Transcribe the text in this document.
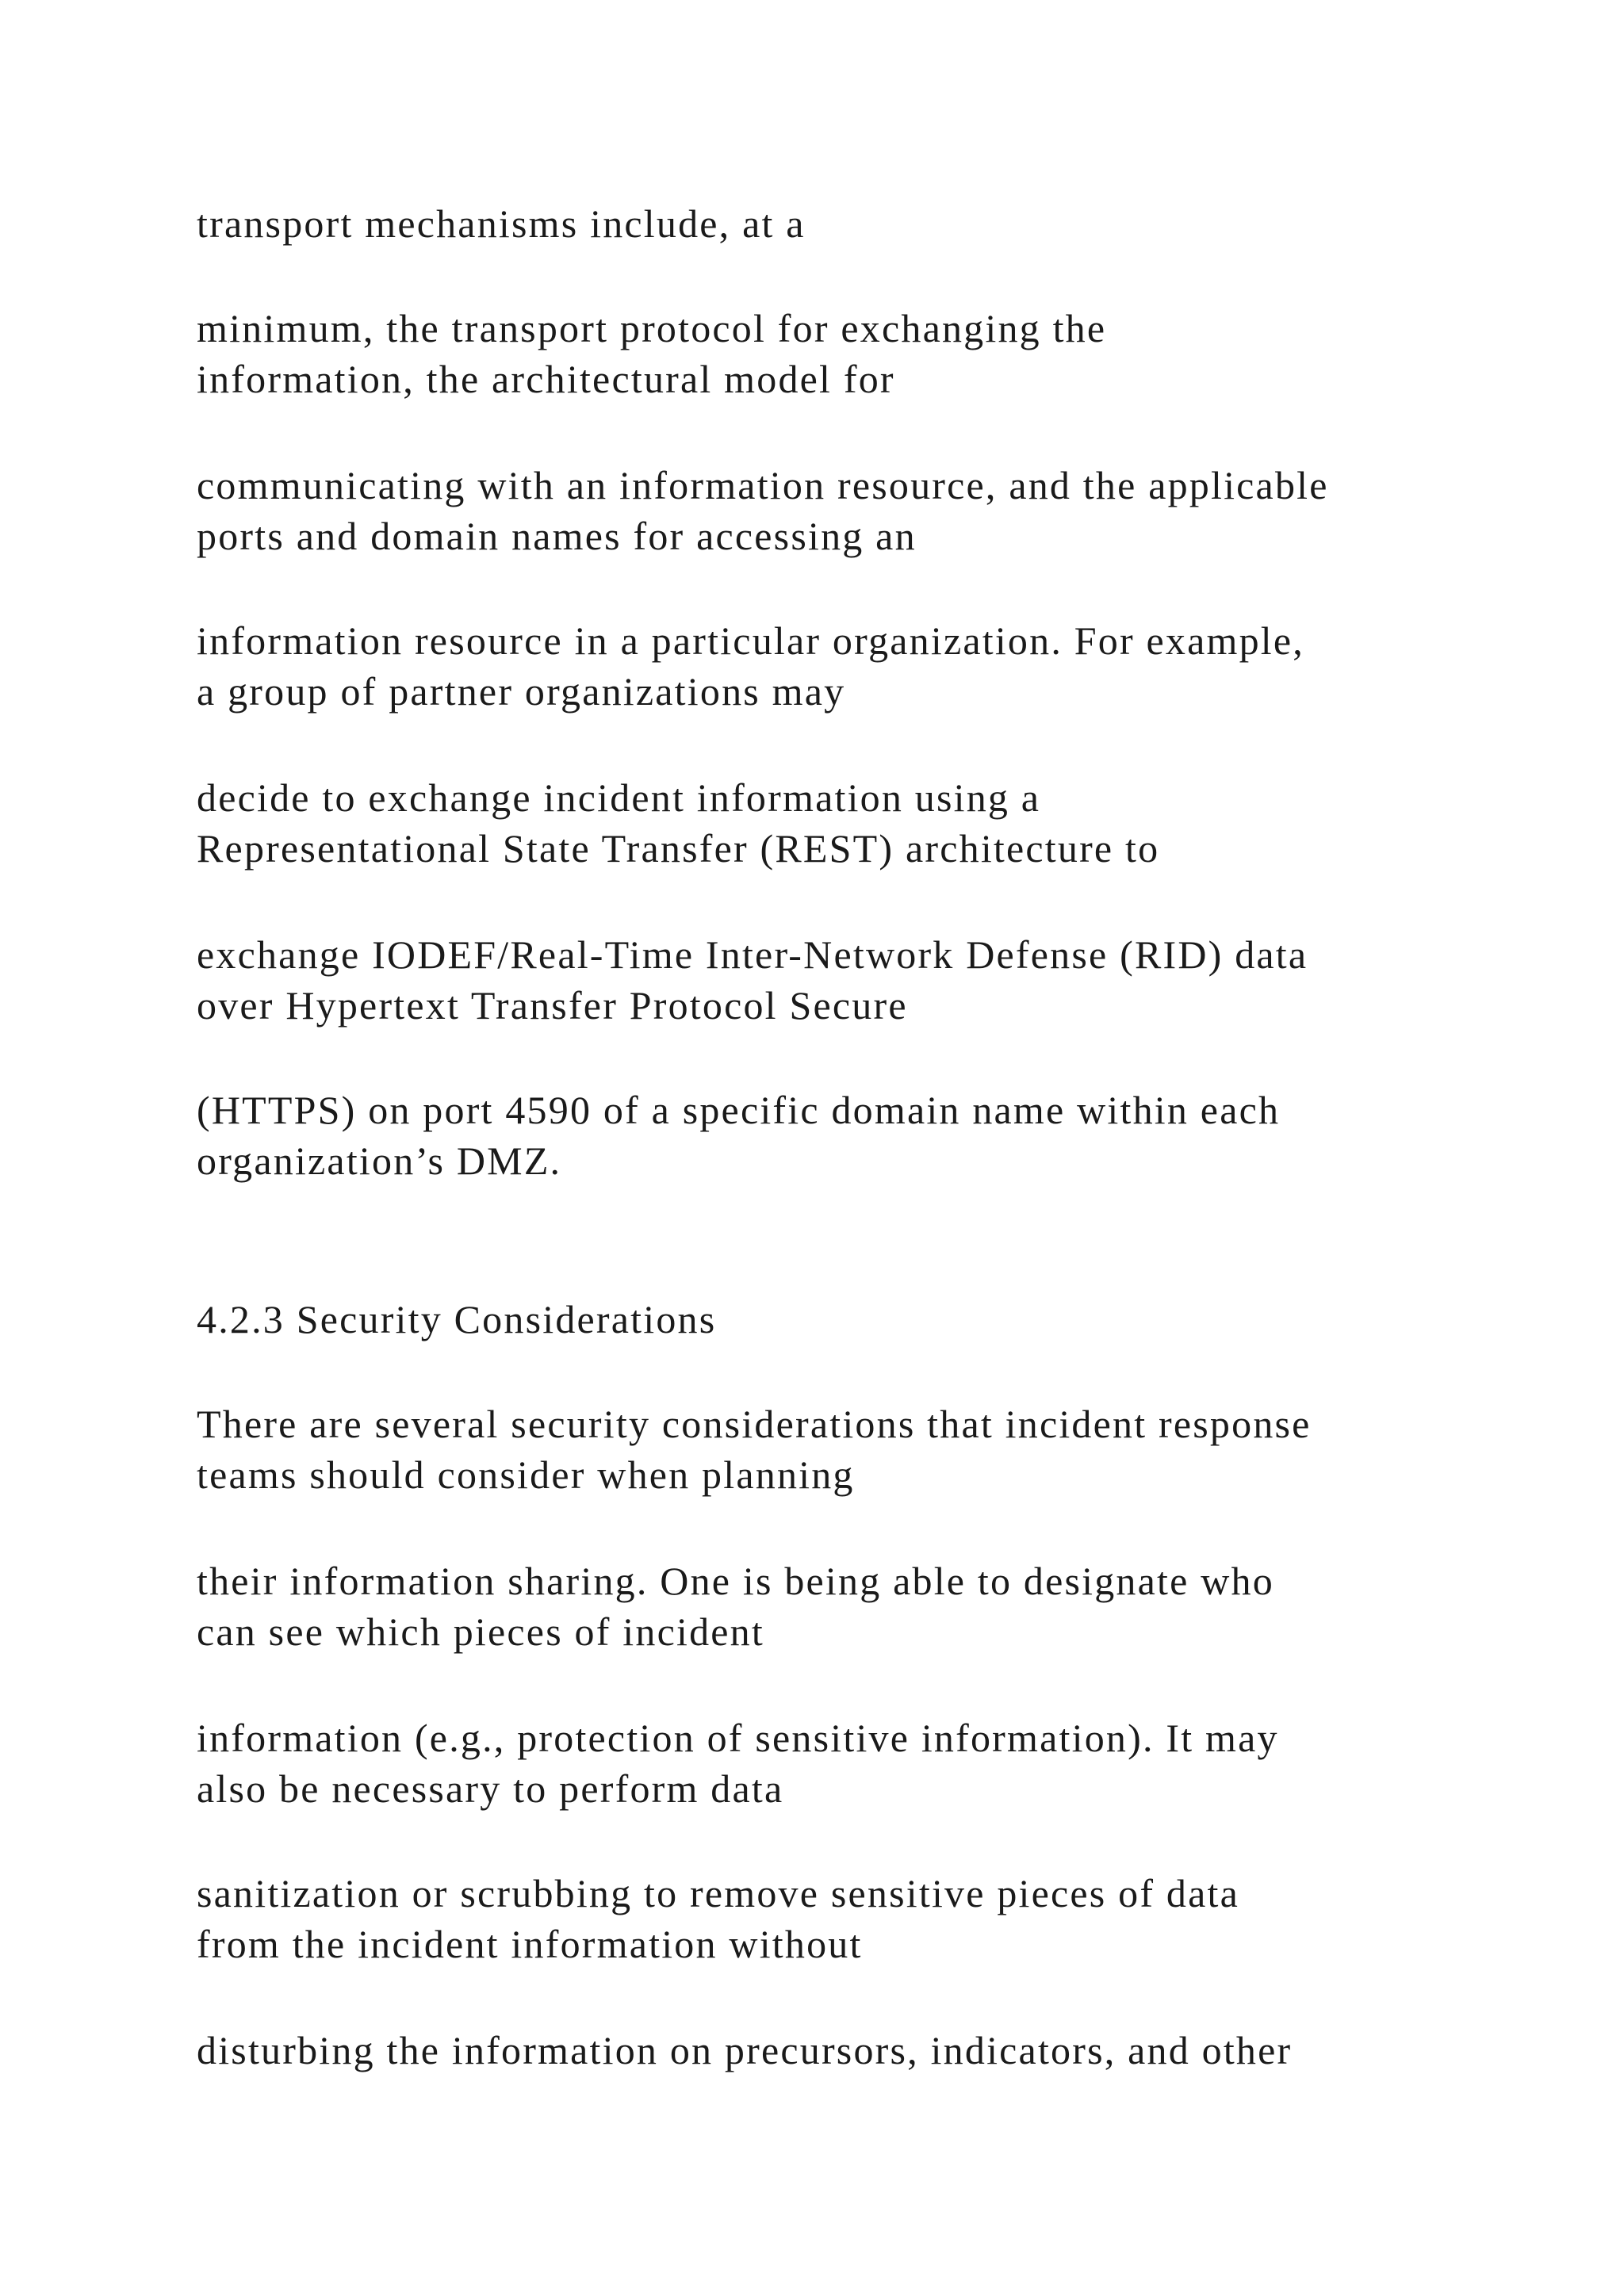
transport mechanisms include, at a

minimum, the transport protocol for exchanging the

information, the architectural model for

communicating with an information resource, and the applicable

ports and domain names for accessing an

information resource in a particular organization. For example,

a group of partner organizations may

decide to exchange incident information using a

Representational State Transfer (REST) architecture to

exchange IODEF/Real-Time Inter-Network Defense (RID) data

over Hypertext Transfer Protocol Secure

(HTTPS) on port 4590 of a specific domain name within each

organization’s DMZ.

4.2.3 Security Considerations

There are several security considerations that incident response

teams should consider when planning

their information sharing. One is being able to designate who

can see which pieces of incident

information (e.g., protection of sensitive information). It may

also be necessary to perform data

sanitization or scrubbing to remove sensitive pieces of data

from the incident information without

disturbing the information on precursors, indicators, and other
